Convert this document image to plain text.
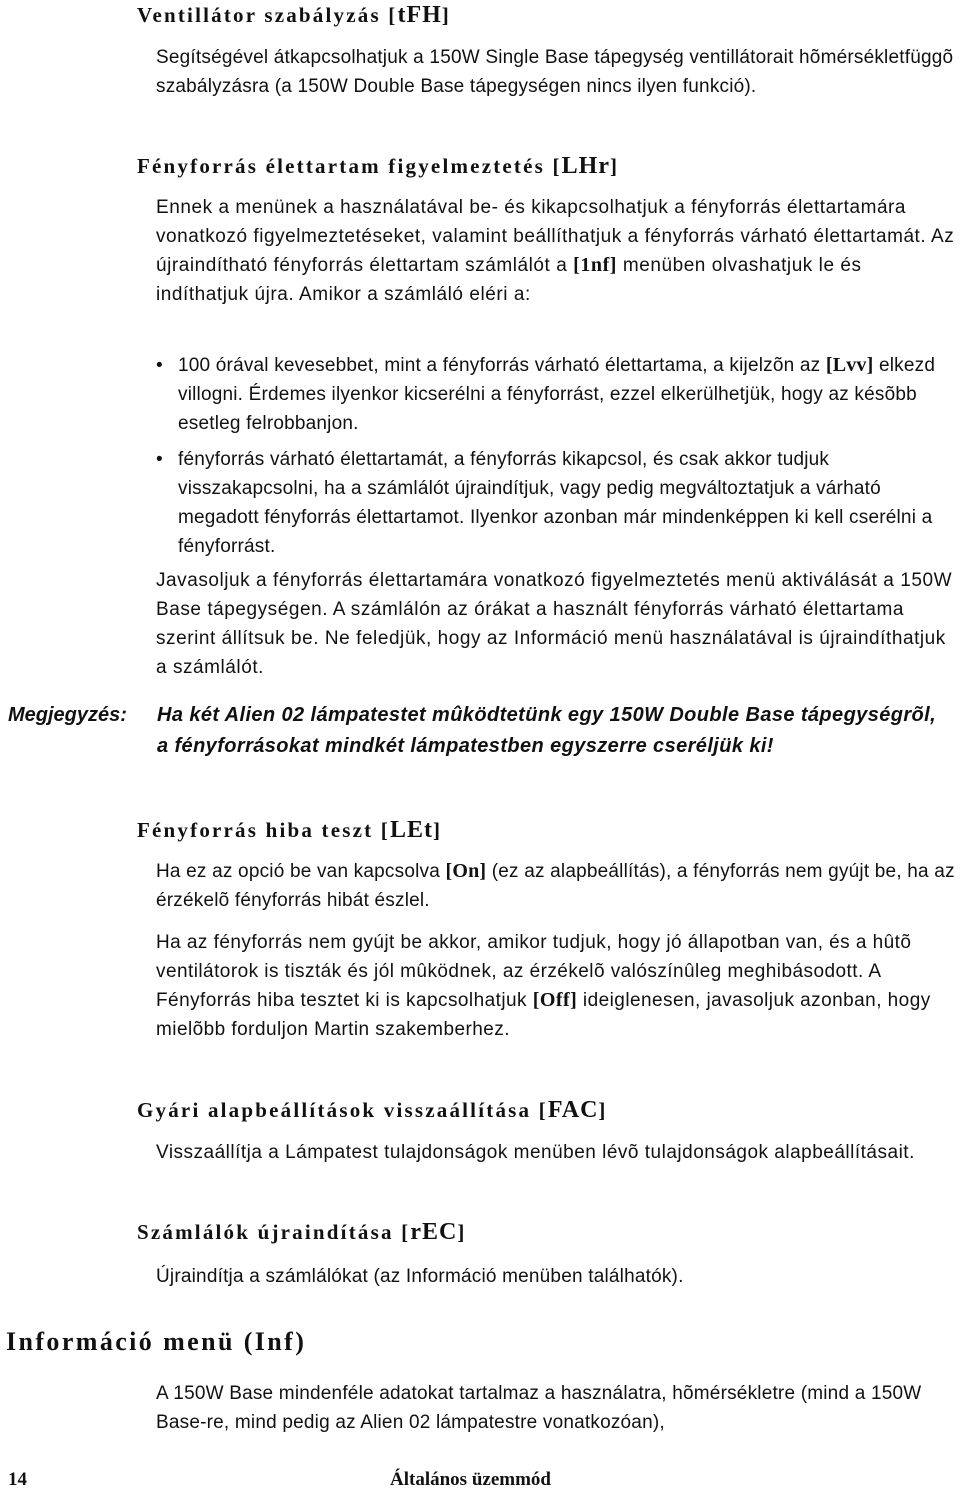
Ventillátor szabályzás [tFH]

Segítségével átkapcsolhatjuk a 150W Single Base tápegység ventillátorait hõmérsékletfüggõ szabályzásra (a 150W Double Base tápegységen nincs ilyen funkció).

Fényforrás élettartam figyelmeztetés [LHr]

Ennek a menünek a használatával be- és kikapcsolhatjuk a fényforrás élettartamára vonatkozó figyelmeztetéseket, valamint beállíthatjuk a fényforrás várható élettartamát. Az újraindítható fényforrás élettartam számlálót a [1nf] menüben olvashatjuk le és indíthatjuk újra. Amikor a számláló eléri a:

• 100 órával kevesebbet, mint a fényforrás várható élettartama, a kijelzõn az [Lvv] elkezd villogni. Érdemes ilyenkor kicserélni a fényforrást, ezzel elkerülhetjük, hogy az késõbb esetleg felrobbanjon.
• fényforrás várható élettartamát, a fényforrás kikapcsol, és csak akkor tudjuk visszakapcsolni, ha a számlálót újraindítjuk, vagy pedig megváltoztatjuk a várható megadott fényforrás élettartamot. Ilyenkor azonban már mindenképpen ki kell cserélni a fényforrást.

Javasoljuk a fényforrás élettartamára vonatkozó figyelmeztetés menü aktiválását a 150W Base tápegységen. A számlálón az órákat a használt fényforrás várható élettartama szerint állítsuk be. Ne feledjük, hogy az Információ menü használatával is újraindíthatjuk a számlálót.

Megjegyzés: Ha két Alien 02 lámpatestet mûködtetünk egy 150W Double Base tápegységrõl, a fényforrásokat mindkét lámpatestben egyszerre cseréljük ki!

Fényforrás hiba teszt [LEt]

Ha ez az opció be van kapcsolva [On] (ez az alapbeállítás), a fényforrás nem gyújt be, ha az érzékelõ fényforrás hibát észlel.

Ha az fényforrás nem gyújt be akkor, amikor tudjuk, hogy jó állapotban van, és a hûtõ ventilátorok is tiszták és jól mûködnek, az érzékelõ valószínûleg meghibásodott. A Fényforrás hiba tesztet ki is kapcsolhatjuk [Off] ideiglenesen, javasoljuk azonban, hogy mielõbb forduljon Martin szakemberhez.

Gyári alapbeállítások visszaállítása [FAC]

Visszaállítja a Lámpatest tulajdonságok menüben lévõ tulajdonságok alapbeállításait.

Számlálók újraindítása [rEC]

Újraindítja a számlálókat (az Információ menüben találhatók).

Információ menü (Inf)

A 150W Base mindenféle adatokat tartalmaz a használatra, hõmérsékletre (mind a 150W Base-re, mind pedig az Alien 02 lámpatestre vonatkozóan),

14	Általános üzemmód
